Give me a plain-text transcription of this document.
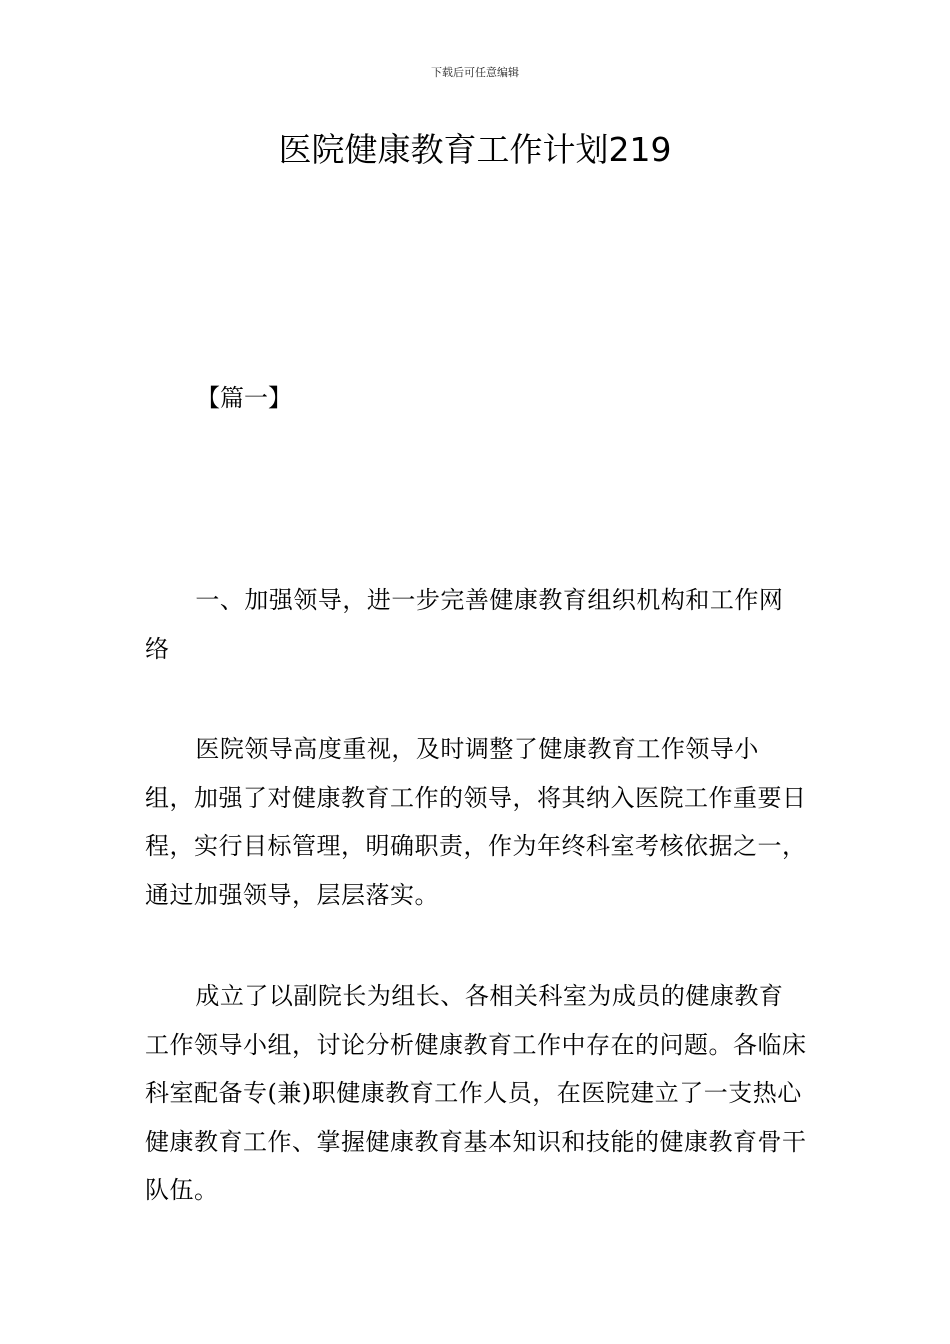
下载后可任意编辑
医院健康教育工作计划219

【篇一】

一、加强领导，进一步完善健康教育组织机构和工作网络

医院领导高度重视，及时调整了健康教育工作领导小组，加强了对健康教育工作的领导，将其纳入医院工作重要日程，实行目标管理，明确职责，作为年终科室考核依据之一，通过加强领导，层层落实。

成立了以副院长为组长、各相关科室为成员的健康教育工作领导小组，讨论分析健康教育工作中存在的问题。各临床科室配备专(兼)职健康教育工作人员，在医院建立了一支热心健康教育工作、掌握健康教育基本知识和技能的健康教育骨干队伍。
